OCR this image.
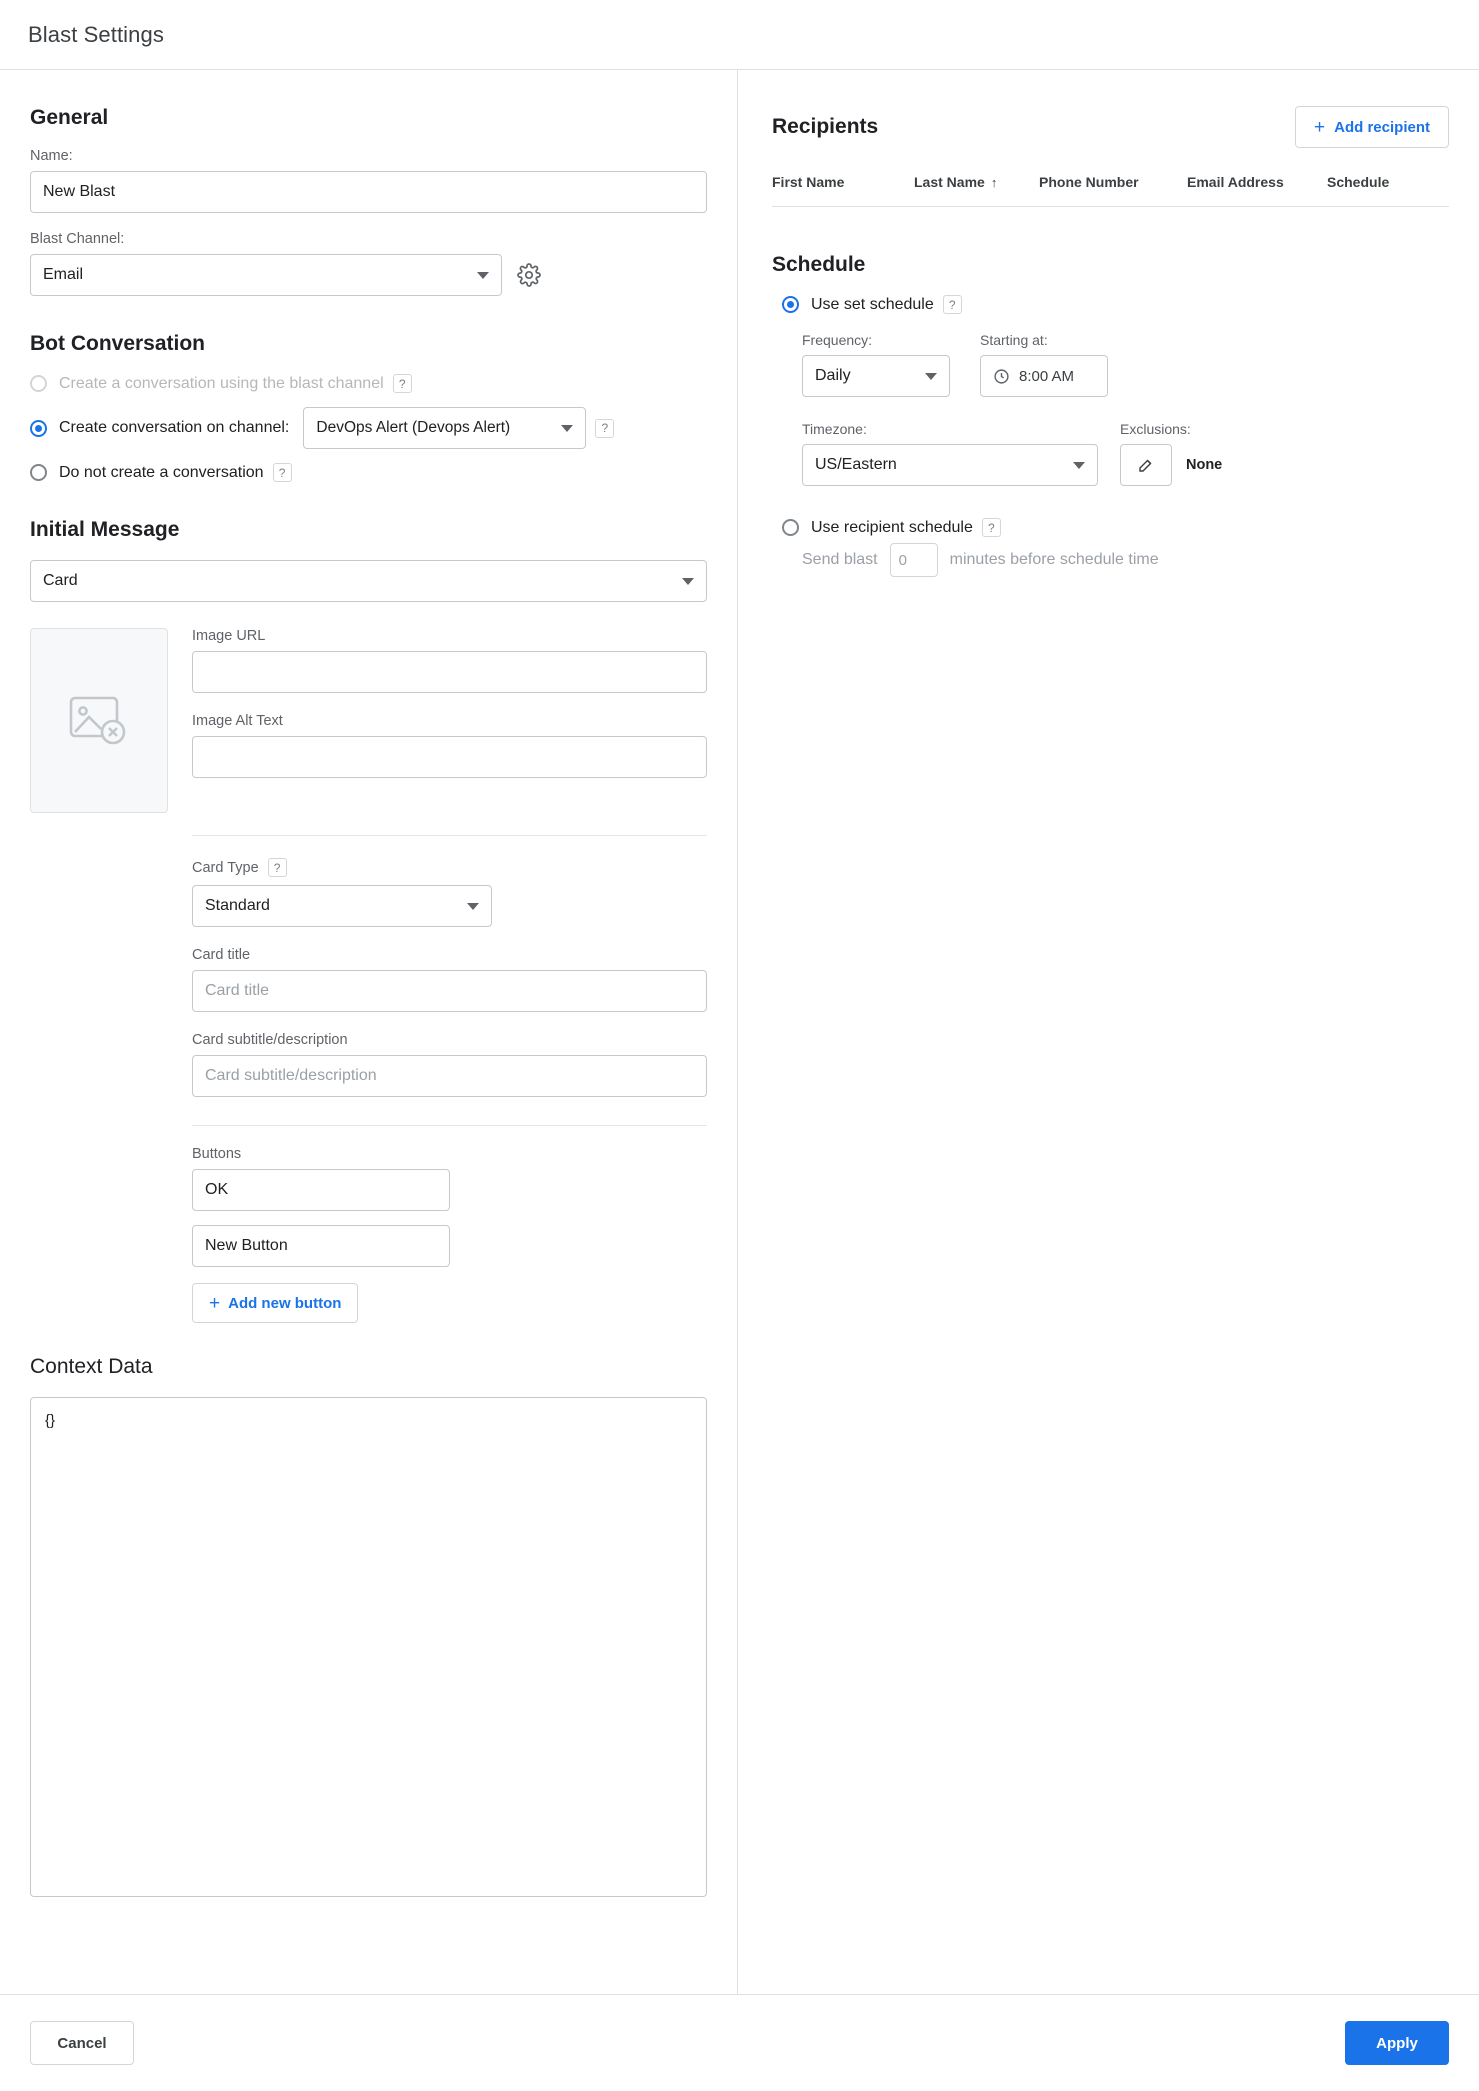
Blast Settings
General
Name:
New Blast
Blast Channel:
Email
Bot Conversation
Create a conversation using the blast channel	?
Create conversation on channel: DevOps Alert (Devops Alert)	?
Do not create a conversation	?
Initial Message
Card
Image URL
Image Alt Text
Card Type	?
Standard
Card title
Card title
Card subtitle/description
Card subtitle/description
Buttons
OK
New Button
+ Add new button
Context Data
{}
Recipients	+ Add recipient
First Name	Last Name ↑	Phone Number	Email Address	Schedule
Schedule
Use set schedule	?
Frequency:
Daily
Starting at:
8:00 AM
Timezone:
US/Eastern
Exclusions:
None
Use recipient schedule	?
Send blast
0	minutes before schedule time
Cancel	Apply
